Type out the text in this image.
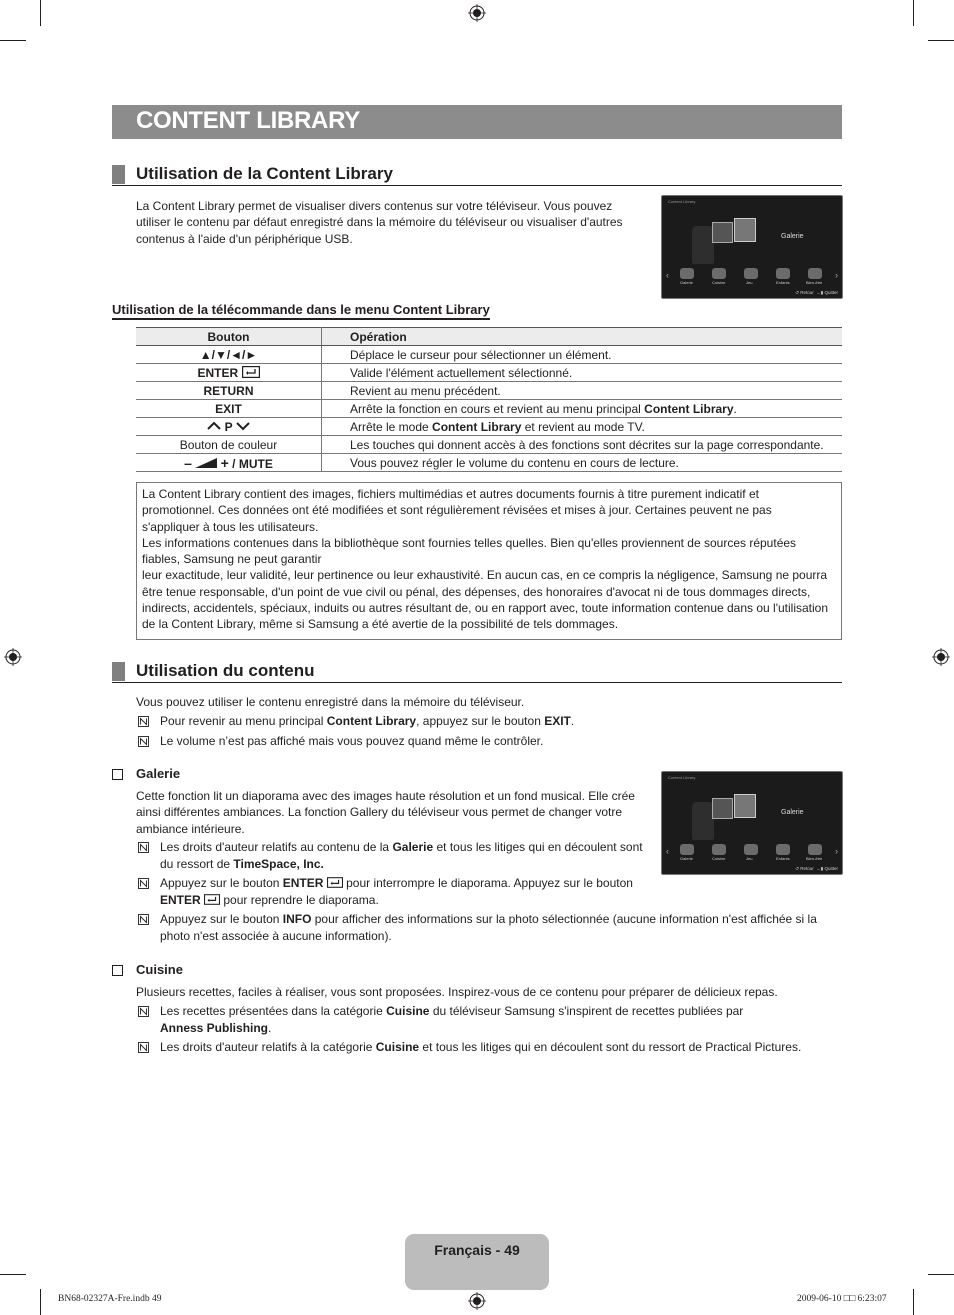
CONTENT LIBRARY
Utilisation de la Content Library
La Content Library permet de visualiser divers contenus sur votre téléviseur. Vous pouvez utiliser le contenu par défaut enregistré dans la mémoire du téléviseur ou visualiser d'autres contenus à l'aide d'un périphérique USB.
Content Library
Galerie
‹	›
Galerie	Cuisine	Jeu	Enfants	Bien-être
↺ Retour  →▮ Quitter
Utilisation de la télécommande dans le menu Content Library
Bouton	Opération
▲/▼/◄/►	Déplace le curseur pour sélectionner un élément.
ENTER	Valide l'élément actuellement sélectionné.
RETURN	Revient au menu précédent.
EXIT	Arrête la fonction en cours et revient au menu principal Content Library.
P	Arrête le mode Content Library et revient au mode TV.
Bouton de couleur	Les touches qui donnent accès à des fonctions sont décrites sur la page correspondante.
– + / MUTE	Vous pouvez régler le volume du contenu en cours de lecture.
La Content Library contient des images, fichiers multimédias et autres documents fournis à titre purement indicatif et promotionnel. Ces données ont été modifiées et sont régulièrement révisées et mises à jour. Certaines peuvent ne pas s'appliquer à tous les utilisateurs.
Les informations contenues dans la bibliothèque sont fournies telles quelles. Bien qu'elles proviennent de sources réputées fiables, Samsung ne peut garantir
leur exactitude, leur validité, leur pertinence ou leur exhaustivité. En aucun cas, en ce compris la négligence, Samsung ne pourra être tenue responsable, d'un point de vue civil ou pénal, des dépenses, des honoraires d'avocat ni de tous dommages directs, indirects, accidentels, spéciaux, induits ou autres résultant de, ou en rapport avec, toute information contenue dans ou l'utilisation de la Content Library, même si Samsung a été avertie de la possibilité de tels dommages.
Utilisation du contenu
Vous pouvez utiliser le contenu enregistré dans la mémoire du téléviseur.
Pour revenir au menu principal Content Library, appuyez sur le bouton EXIT.
Le volume n’est pas affiché mais vous pouvez quand même le contrôler.
Galerie
Cette fonction lit un diaporama avec des images haute résolution et un fond musical. Elle crée ainsi différentes ambiances. La fonction Gallery du téléviseur vous permet de changer votre ambiance intérieure.
Content Library
Galerie
‹	›
Galerie	Cuisine	Jeu	Enfants	Bien-être
↺ Retour  →▮ Quitter
Les droits d'auteur relatifs au contenu de la Galerie et tous les litiges qui en découlent sont du ressort de TimeSpace, Inc.
Appuyez sur le bouton ENTER  pour interrompre le diaporama. Appuyez sur le bouton
ENTER  pour reprendre le diaporama.
Appuyez sur le bouton INFO pour afficher des informations sur la photo sélectionnée (aucune information n'est affichée si la photo n'est associée à aucune information).
Cuisine
Plusieurs recettes, faciles à réaliser, vous sont proposées. Inspirez-vous de ce contenu pour préparer de délicieux repas.
Les recettes présentées dans la catégorie Cuisine du téléviseur Samsung s'inspirent de recettes publiées par
Anness Publishing.
Les droits d'auteur relatifs à la catégorie Cuisine et tous les litiges qui en découlent sont du ressort de Practical Pictures.
Français - 49
BN68-02327A-Fre.indb 49	2009-06-10 □□ 6:23:07
